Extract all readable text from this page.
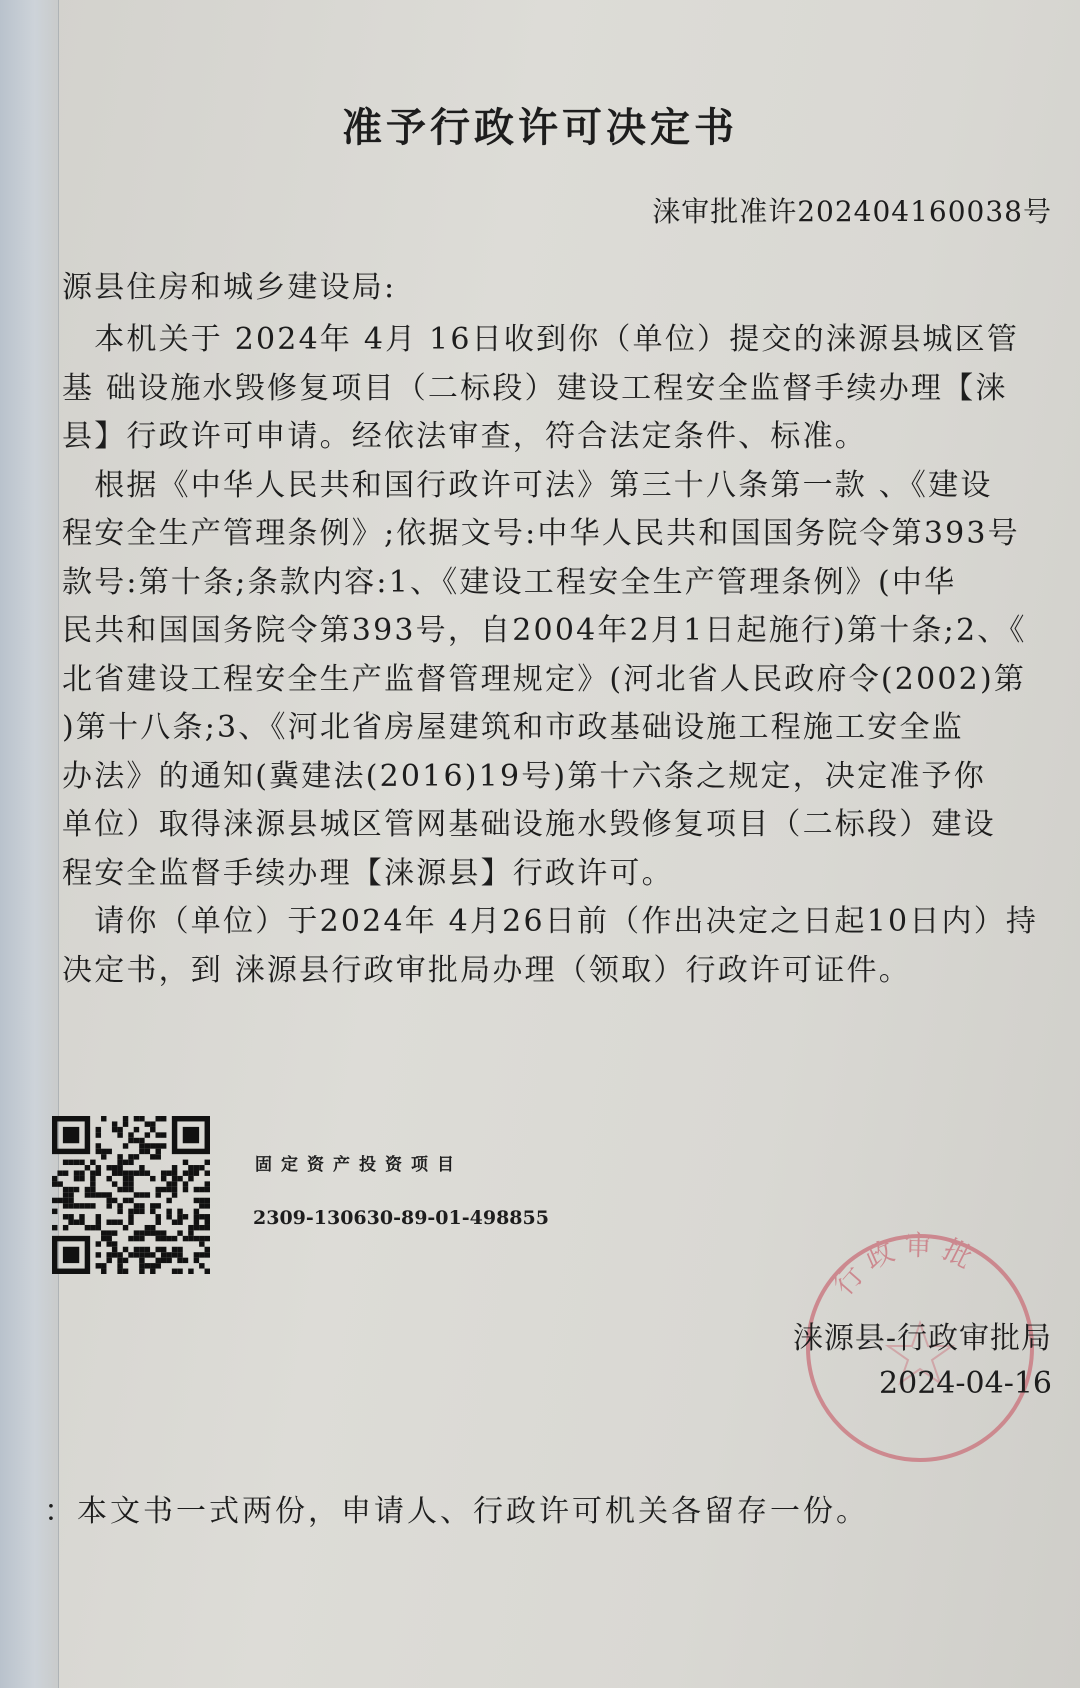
准予行政许可决定书
涞审批准许202404160038号
源县住房和城乡建设局:
　本机关于 2024年 4月 16日收到你（单位）提交的涞源县城区管
基 础设施水毁修复项目（二标段）建设工程安全监督手续办理【涞
县】行政许可申请。经依法审查，符合法定条件、标准。
　根据《中华人民共和国行政许可法》第三十八条第一款 、《建设
程安全生产管理条例》;依据文号:中华人民共和国国务院令第393号
款号:第十条;条款内容:1、《建设工程安全生产管理条例》(中华
民共和国国务院令第393号，自2004年2月1日起施行)第十条;2、《
北省建设工程安全生产监督管理规定》(河北省人民政府令(2002)第
)第十八条;3、《河北省房屋建筑和市政基础设施工程施工安全监
办法》的通知(冀建法(2016)19号)第十六条之规定，决定准予你
单位）取得涞源县城区管网基础设施水毁修复项目（二标段）建设
程安全监督手续办理【涞源县】行政许可。
　请你（单位）于2024年 4月26日前（作出决定之日起10日内）持
决定书，到 涞源县行政审批局办理（领取）行政许可证件。
固定资产投资项目
2309-130630-89-01-498855
行政审批
涞源县-行政审批局
2024-04-16
：本文书一式两份，申请人、行政许可机关各留存一份。
